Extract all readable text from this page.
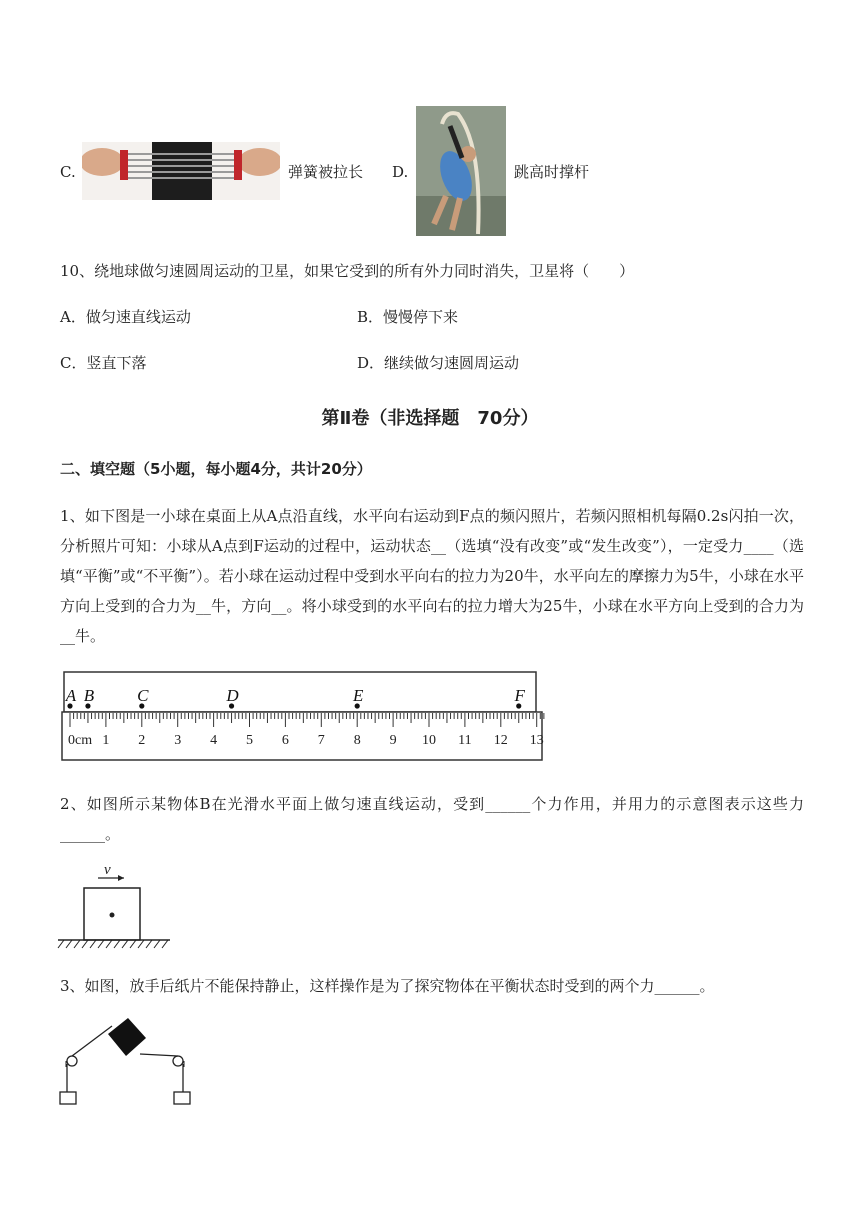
C.	弹簧被拉长 D.	跳高时撑杆
10、绕地球做匀速圆周运动的卫星，如果它受到的所有外力同时消失，卫星将（　　）
A．做匀速直线运动	B．慢慢停下来
C．竖直下落	D．继续做匀速圆周运动
第Ⅱ卷（非选择题　70分）
二、填空题（5小题，每小题4分，共计20分）
1、如下图是一小球在桌面上从A点沿直线，水平向右运动到F点的频闪照片，若频闪照相机每隔0.2s闪拍一次，分析照片可知：小球从A点到F运动的过程中，运动状态__（选填“没有改变”或“发生改变”），一定受力____（选填“平衡”或“不平衡”）。若小球在运动过程中受到水平向右的拉力为20牛，水平向左的摩擦力为5牛，小球在水平方向上受到的合力为__牛，方向__。将小球受到的水平向右的拉力增大为25牛，小球在水平方向上受到的合力为__牛。
0cm 1 2 3 4 5 6 7 8 9 10 11 12 13
A B	C	D	E	F
2、如图所示某物体B在光滑水平面上做匀速直线运动，受到______个力作用，并用力的示意图表示这些力______。
v
3、如图，放手后纸片不能保持静止，这样操作是为了探究物体在平衡状态时受到的两个力______。
